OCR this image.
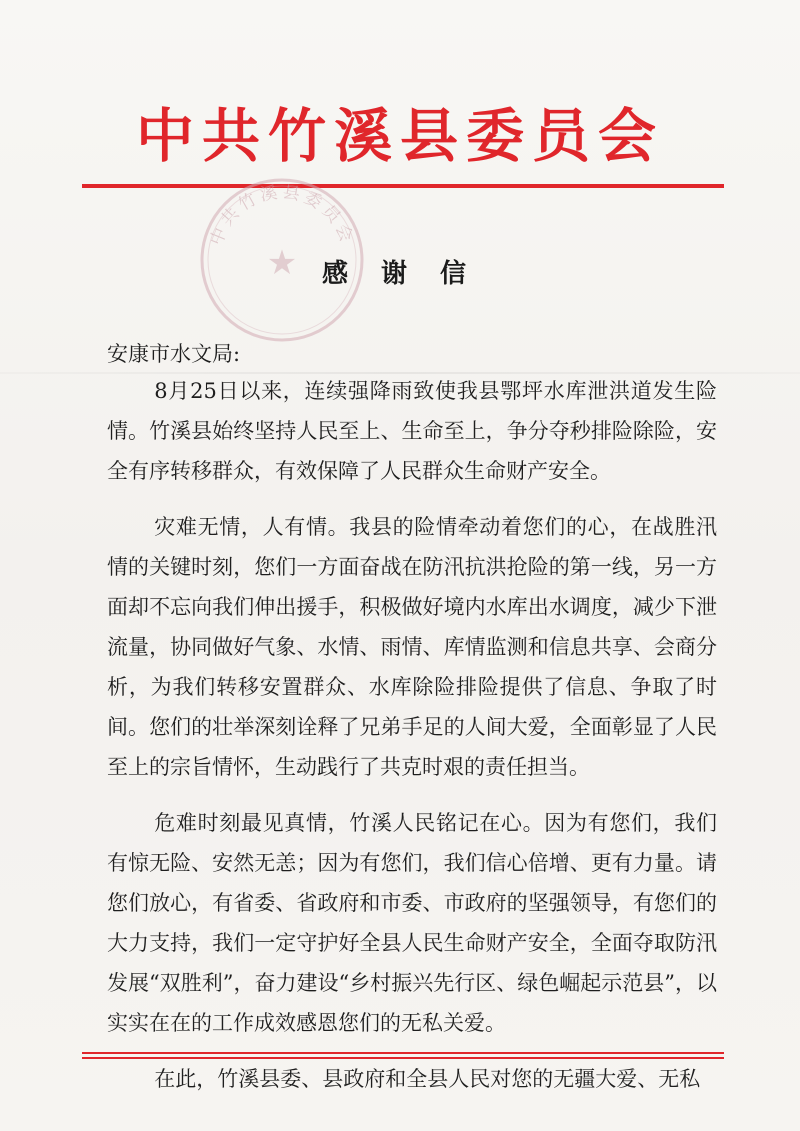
中共竹溪县委员会
中共竹溪县委员会
★ 感 谢 信
安康市水文局:

8月25日以来，连续强降雨致使我县鄂坪水库泄洪道发生险情。竹溪县始终坚持人民至上、生命至上，争分夺秒排险除险，安全有序转移群众，有效保障了人民群众生命财产安全。

灾难无情，人有情。我县的险情牵动着您们的心，在战胜汛情的关键时刻，您们一方面奋战在防汛抗洪抢险的第一线，另一方面却不忘向我们伸出援手，积极做好境内水库出水调度，减少下泄流量，协同做好气象、水情、雨情、库情监测和信息共享、会商分析，为我们转移安置群众、水库除险排险提供了信息、争取了时间。您们的壮举深刻诠释了兄弟手足的人间大爱，全面彰显了人民至上的宗旨情怀，生动践行了共克时艰的责任担当。

危难时刻最见真情，竹溪人民铭记在心。因为有您们，我们有惊无险、安然无恙；因为有您们，我们信心倍增、更有力量。请您们放心，有省委、省政府和市委、市政府的坚强领导，有您们的大力支持，我们一定守护好全县人民生命财产安全，全面夺取防汛发展“双胜利”，奋力建设“乡村振兴先行区、绿色崛起示范县”，以实实在在的工作成效感恩您们的无私关爱。

在此，竹溪县委、县政府和全县人民对您的无疆大爱、无私
